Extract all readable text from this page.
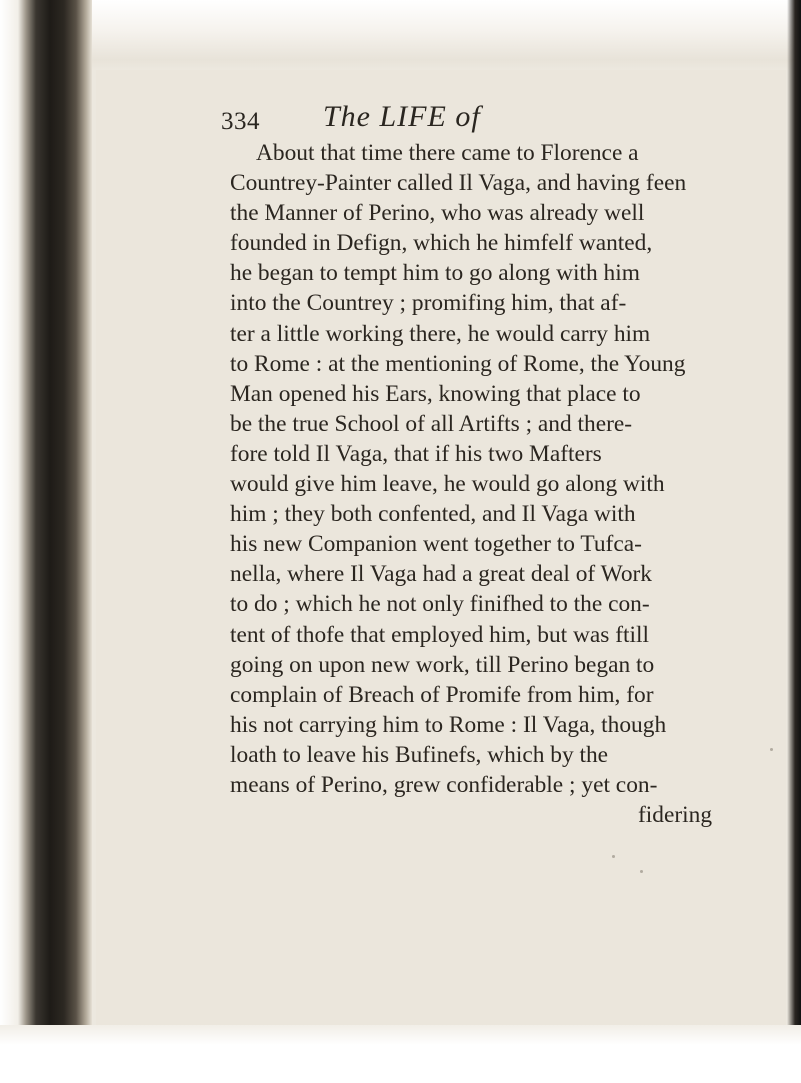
334 The LIFE of
About that time there came to Florence a
Countrey-Painter called Il Vaga, and having feen
the Manner of Perino, who was already well
founded in Defign, which he himfelf wanted,
he began to tempt him to go along with him
into the Countrey ; promifing him, that af-
ter a little working there, he would carry him
to Rome : at the mentioning of Rome, the Young
Man opened his Ears, knowing that place to
be the true School of all Artifts ; and there-
fore told Il Vaga, that if his two Mafters
would give him leave, he would go along with
him ; they both confented, and Il Vaga with
his new Companion went together to Tufca-
nella, where Il Vaga had a great deal of Work
to do ; which he not only finifhed to the con-
tent of thofe that employed him, but was ftill
going on upon new work, till Perino began to
complain of Breach of Promife from him, for
his not carrying him to Rome : Il Vaga, though
loath to leave his Bufinefs, which by the
means of Perino, grew confiderable ; yet con-
fidering
